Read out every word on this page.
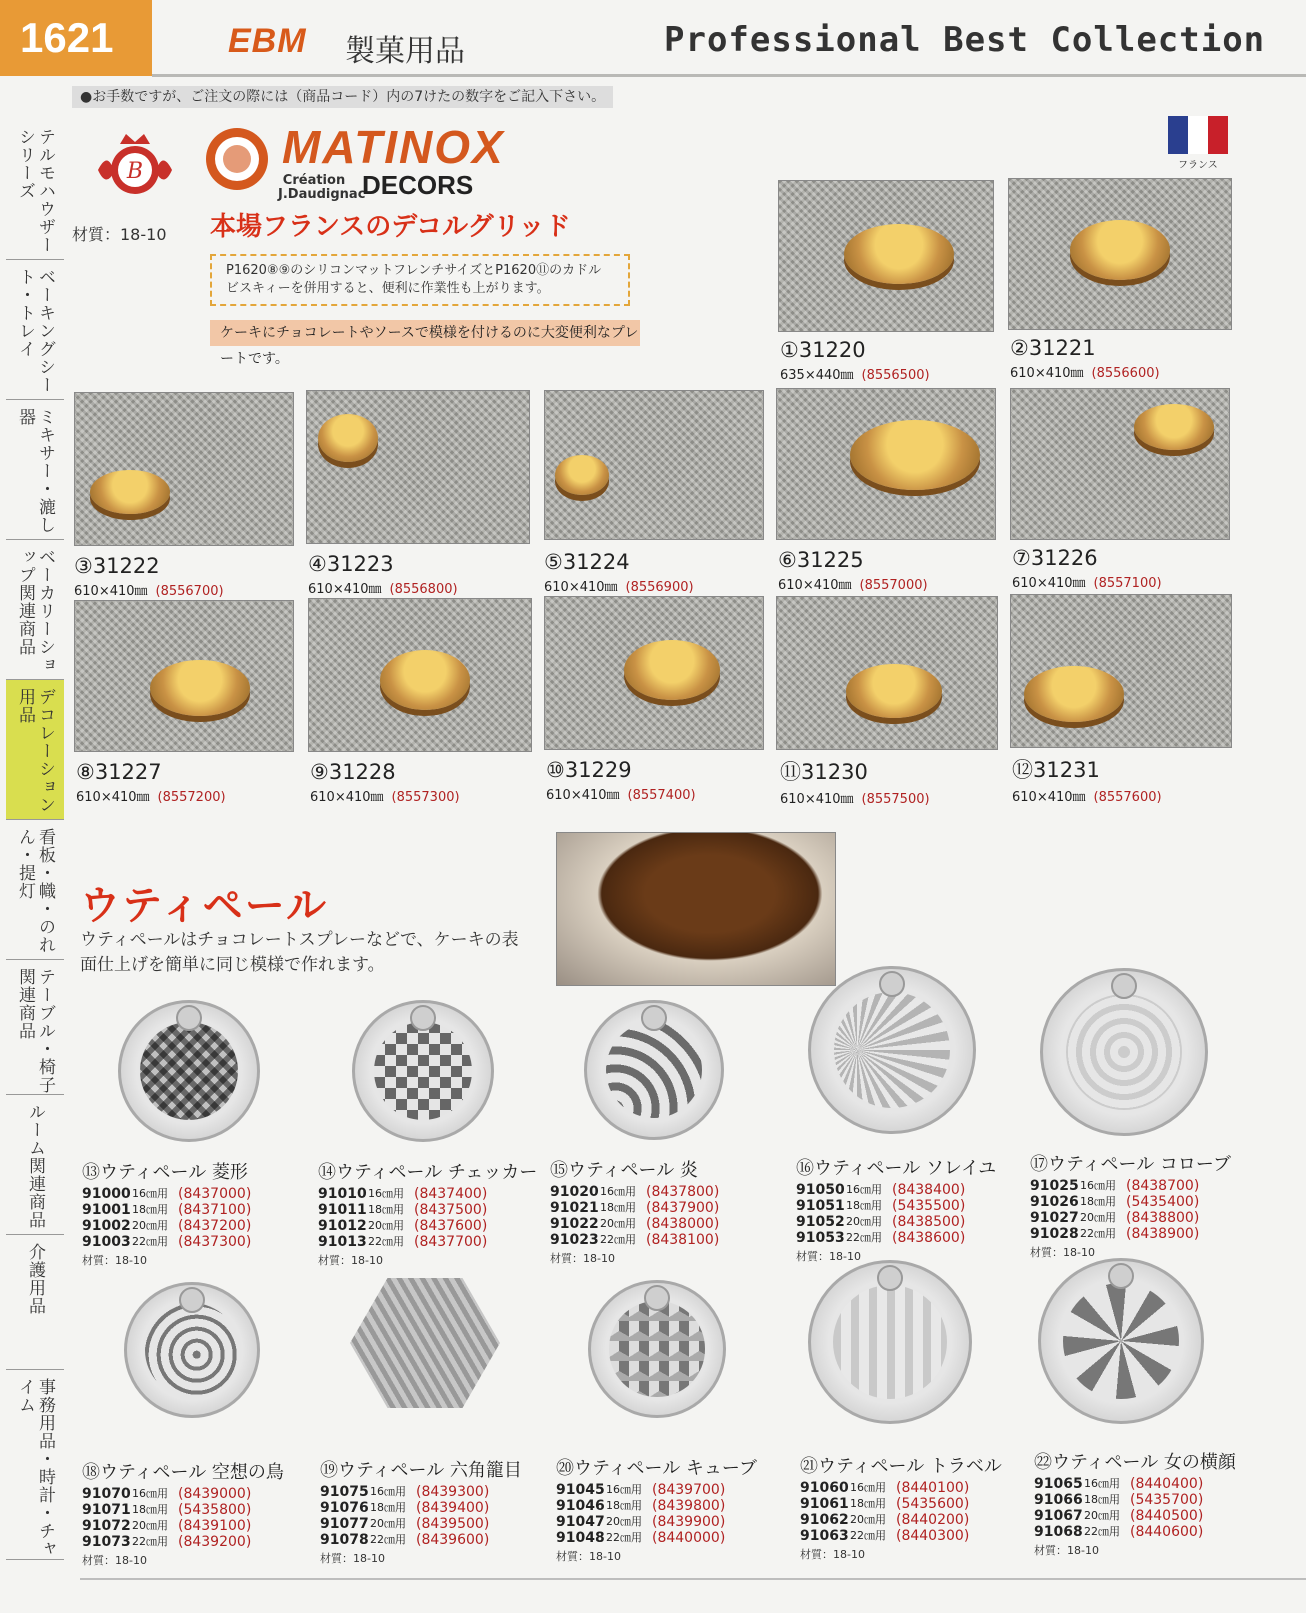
1621	EBM 製菓用品	Professional Best Collection
●お手数ですが、ご注文の際には（商品コード）内の7けたの数字をご記入下さい。
テルモハウザー シリーズ
ベーキングシート・トレイ
ミキサー・漉し器
ベーカリーショップ関連商品
デコレーション用品
看板・幟・のれん・提灯
テーブル・椅子関連商品
ルーム関連商品
介護用品
事務用品・時計・チャイム
B	MATINOX
Création J.Daudignac
DECORS
材質：18-10 本場フランスのデコルグリッド
P1620⑧⑨のシリコンマットフレンチサイズとP1620⑪のカドルビスキィーを併用すると、便利に作業性も上がります。
ケーキにチョコレートやソースで模様を付けるのに大変便利なプレートです。
フランス
①31220
635×440㎜ (8556500)
②31221
610×410㎜ (8556600)
③31222
610×410㎜ (8556700)
④31223
610×410㎜ (8556800)
⑤31224
610×410㎜ (8556900)
⑥31225
610×410㎜ (8557000)
⑦31226
610×410㎜ (8557100)
⑧31227
610×410㎜ (8557200)
⑨31228
610×410㎜ (8557300)
⑩31229
610×410㎜ (8557400)
⑪31230
610×410㎜ (8557500)
⑫31231
610×410㎜ (8557600)
ウティペール
ウティペールはチョコレートスプレーなどで、ケーキの表面仕上げを簡単に同じ模様で作れます。
⑬ウティペール 菱形
91000 16㎝用 (8437000)
91001 18㎝用 (8437100)
91002 20㎝用 (8437200)
91003 22㎝用 (8437300)
材質：18-10
⑭ウティペール チェッカー
91010 16㎝用 (8437400)
91011 18㎝用 (8437500)
91012 20㎝用 (8437600)
91013 22㎝用 (8437700)
材質：18-10
⑮ウティペール 炎
91020 16㎝用 (8437800)
91021 18㎝用 (8437900)
91022 20㎝用 (8438000)
91023 22㎝用 (8438100)
材質：18-10
⑯ウティペール ソレイユ
91050 16㎝用 (8438400)
91051 18㎝用 (5435500)
91052 20㎝用 (8438500)
91053 22㎝用 (8438600)
材質：18-10
⑰ウティペール コローブ
91025 16㎝用 (8438700)
91026 18㎝用 (5435400)
91027 20㎝用 (8438800)
91028 22㎝用 (8438900)
材質：18-10
⑱ウティペール 空想の鳥
91070 16㎝用 (8439000)
91071 18㎝用 (5435800)
91072 20㎝用 (8439100)
91073 22㎝用 (8439200)
材質：18-10
⑲ウティペール 六角籠目
91075 16㎝用 (8439300)
91076 18㎝用 (8439400)
91077 20㎝用 (8439500)
91078 22㎝用 (8439600)
材質：18-10
⑳ウティペール キューブ
91045 16㎝用 (8439700)
91046 18㎝用 (8439800)
91047 20㎝用 (8439900)
91048 22㎝用 (8440000)
材質：18-10
㉑ウティペール トラベル
91060 16㎝用 (8440100)
91061 18㎝用 (5435600)
91062 20㎝用 (8440200)
91063 22㎝用 (8440300)
材質：18-10
㉒ウティペール 女の横顔
91065 16㎝用 (8440400)
91066 18㎝用 (5435700)
91067 20㎝用 (8440500)
91068 22㎝用 (8440600)
材質：18-10
